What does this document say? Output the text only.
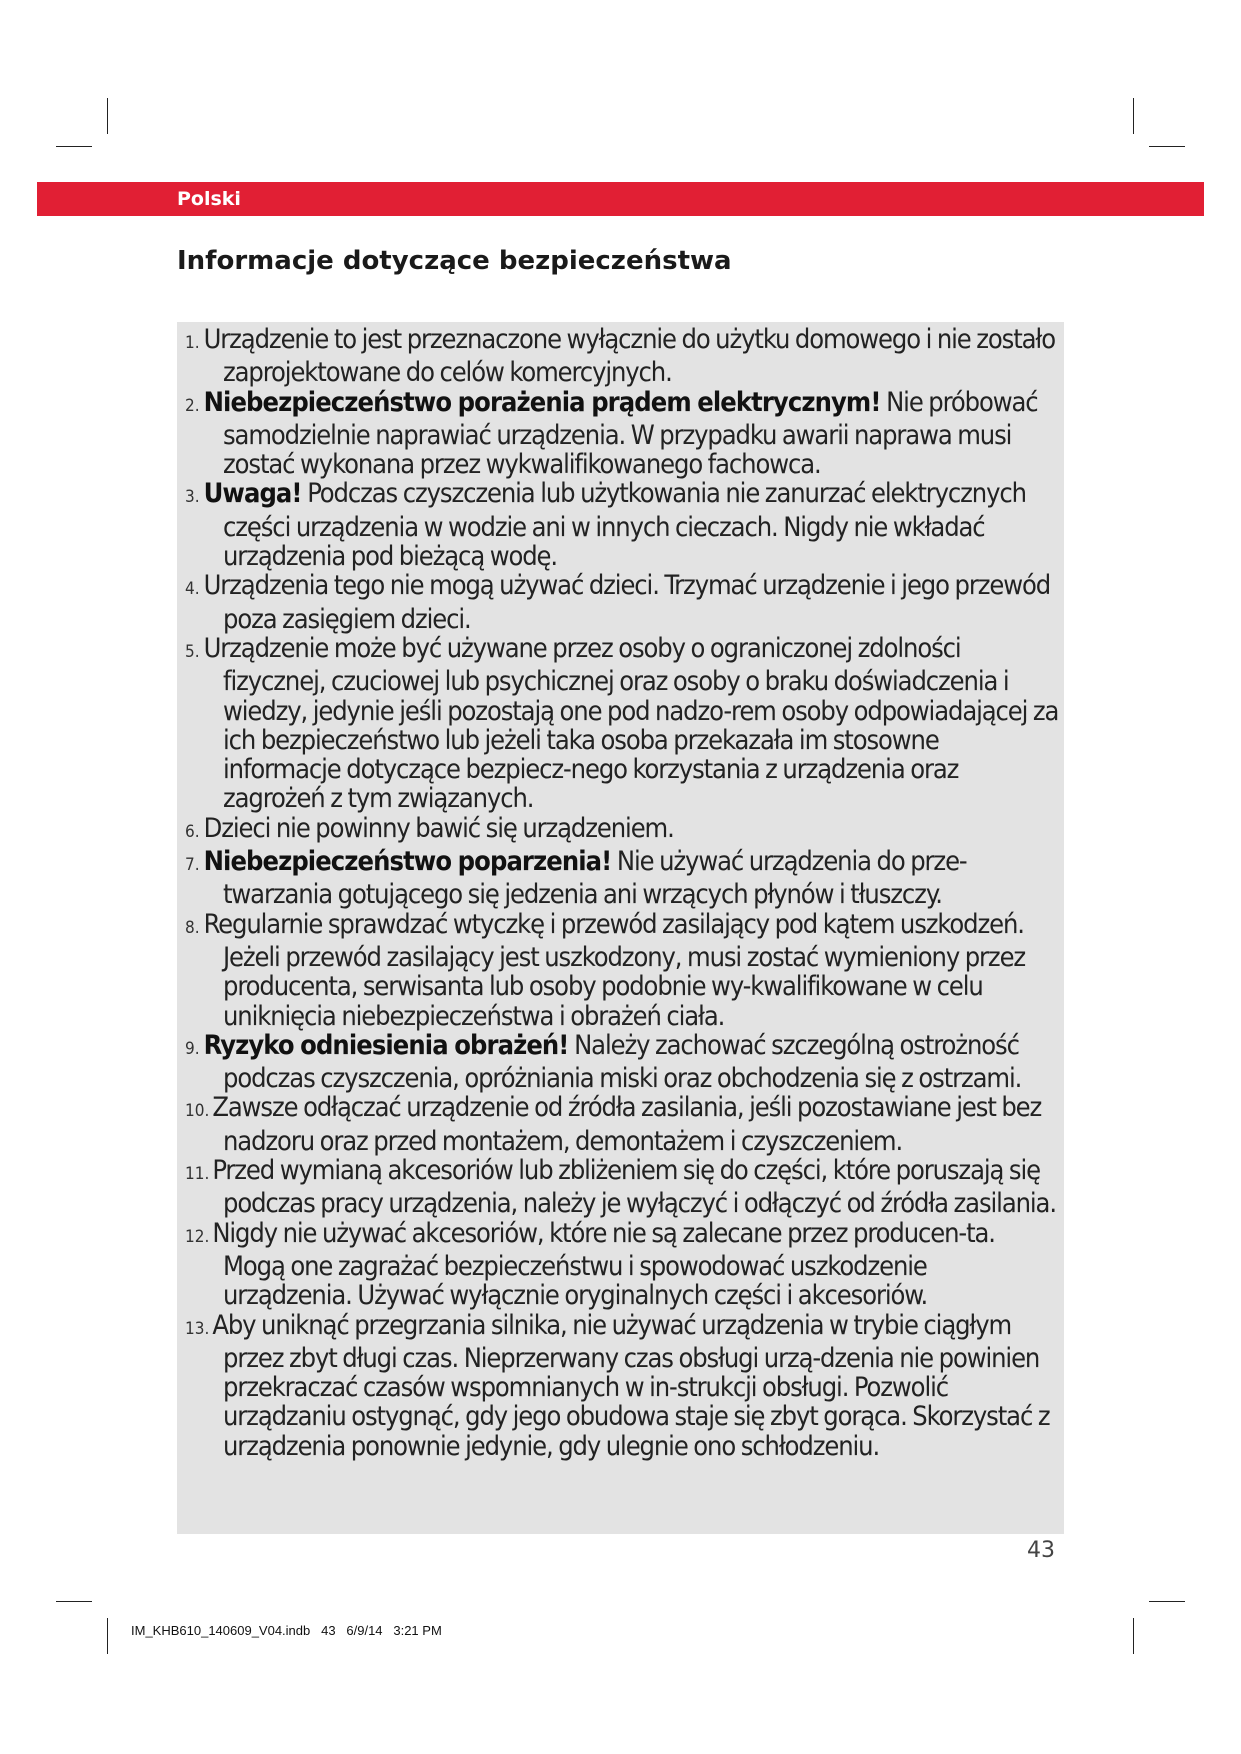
Polski
Informacje dotyczące bezpieczeństwa
1. Urządzenie to jest przeznaczone wyłącznie do użytku domowego i nie zostało zaprojektowane do celów komercyjnych.
2. Niebezpieczeństwo porażenia prądem elektrycznym! Nie próbować samodzielnie naprawiać urządzenia. W przypadku awarii naprawa musi zostać wykonana przez wykwalifikowanego fachowca.
3. Uwaga! Podczas czyszczenia lub użytkowania nie zanurzać elektrycznych części urządzenia w wodzie ani w innych cieczach. Nigdy nie wkładać urządzenia pod bieżącą wodę.
4. Urządzenia tego nie mogą używać dzieci. Trzymać urządzenie i jego przewód poza zasięgiem dzieci.
5. Urządzenie może być używane przez osoby o ograniczonej zdolności fizycznej, czuciowej lub psychicznej oraz osoby o braku doświadczenia i wiedzy, jedynie jeśli pozostają one pod nadzo-rem osoby odpowiadającej za ich bezpieczeństwo lub jeżeli taka osoba przekazała im stosowne informacje dotyczące bezpiecz-nego korzystania z urządzenia oraz zagrożeń z tym związanych.
6. Dzieci nie powinny bawić się urządzeniem.
7. Niebezpieczeństwo poparzenia! Nie używać urządzenia do prze-twarzania gotującego się jedzenia ani wrzących płynów i tłuszczy.
8. Regularnie sprawdzać wtyczkę i przewód zasilający pod kątem uszkodzeń. Jeżeli przewód zasilający jest uszkodzony, musi zostać wymieniony przez producenta, serwisanta lub osoby podobnie wy-kwalifikowane w celu uniknięcia niebezpieczeństwa i obrażeń ciała.
9. Ryzyko odniesienia obrażeń! Należy zachować szczególną ostrożność podczas czyszczenia, opróżniania miski oraz obchodzenia się z ostrzami.
10. Zawsze odłączać urządzenie od źródła zasilania, jeśli pozostawiane jest bez nadzoru oraz przed montażem, demontażem i czyszczeniem.
11. Przed wymianą akcesoriów lub zbliżeniem się do części, które poruszają się podczas pracy urządzenia, należy je wyłączyć i odłączyć od źródła zasilania.
12. Nigdy nie używać akcesoriów, które nie są zalecane przez producen-ta. Mogą one zagrażać bezpieczeństwu i spowodować uszkodzenie urządzenia. Używać wyłącznie oryginalnych części i akcesoriów.
13. Aby uniknąć przegrzania silnika, nie używać urządzenia w trybie ciągłym przez zbyt długi czas. Nieprzerwany czas obsługi urzą-dzenia nie powinien przekraczać czasów wspomnianych w in-strukcji obsługi. Pozwolić urządzaniu ostygnąć, gdy jego obudowa staje się zbyt gorąca. Skorzystać z urządzenia ponownie jedynie, gdy ulegnie ono schłodzeniu.
43
IM_KHB610_140609_V04.indb   43   6/9/14   3:21 PM
